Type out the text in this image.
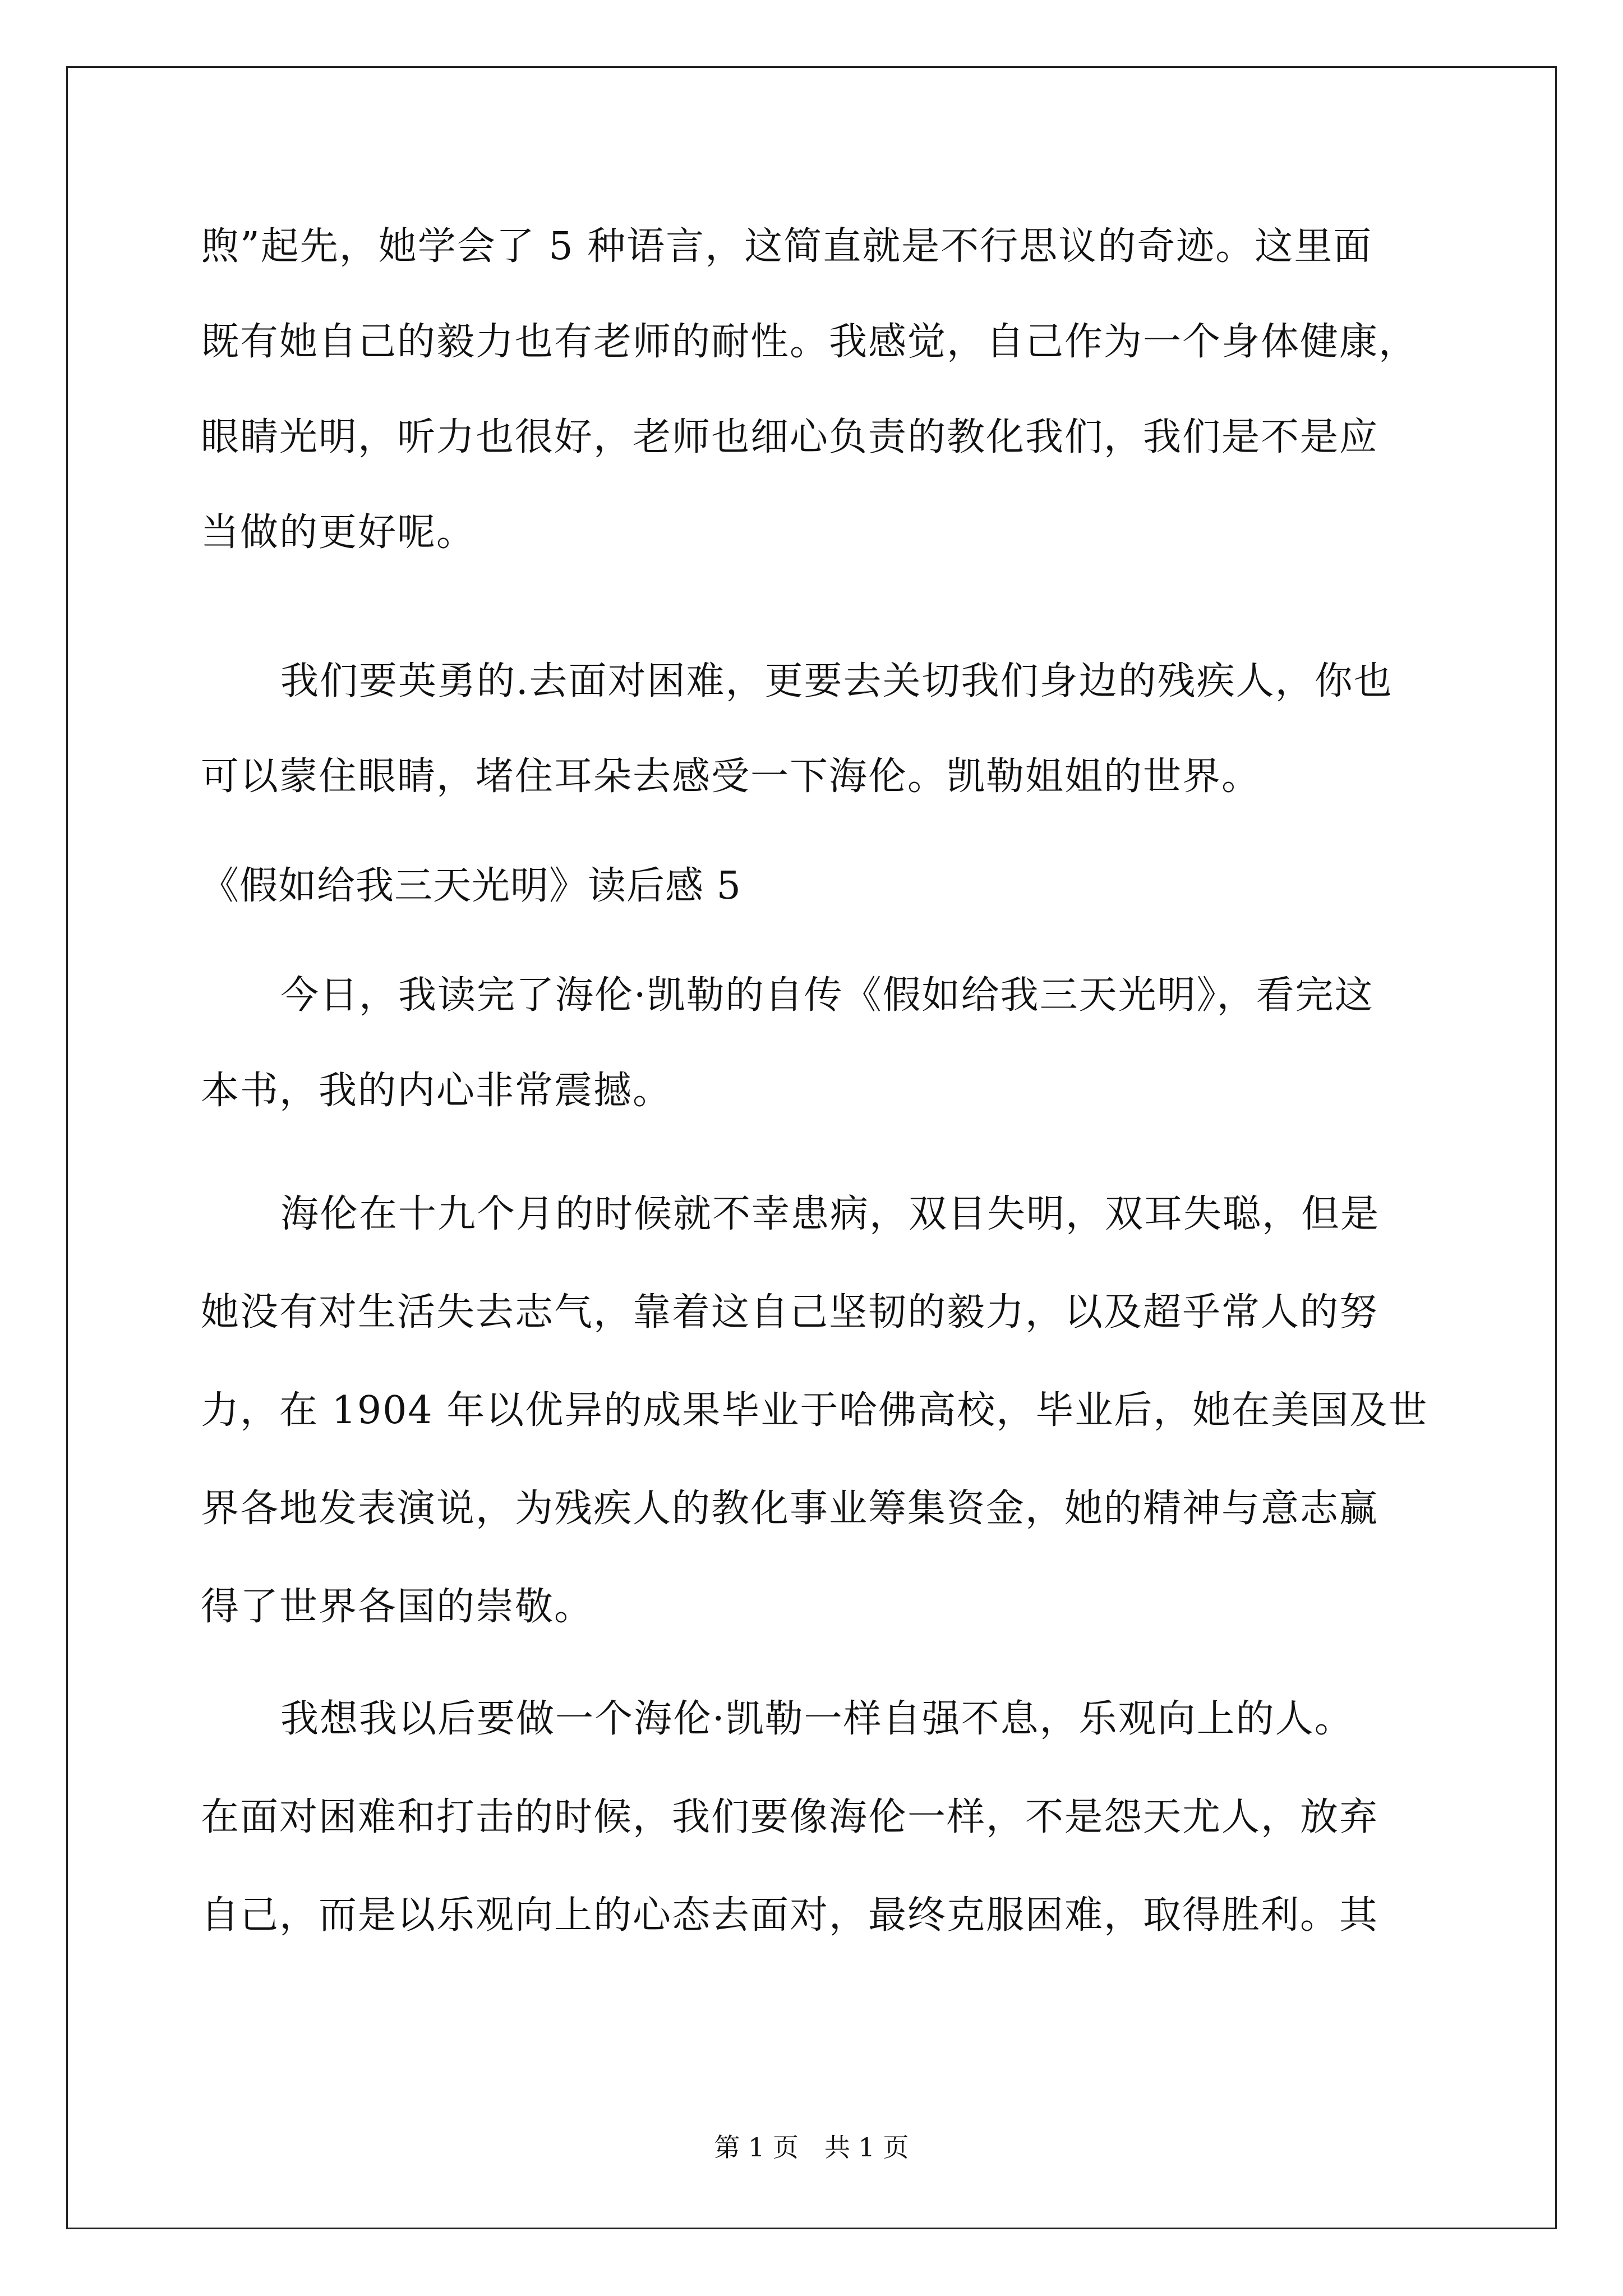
煦”起先，她学会了 5 种语言，这简直就是不行思议的奇迹。这里面
既有她自己的毅力也有老师的耐性。我感觉，自己作为一个身体健康，
眼睛光明，听力也很好，老师也细心负责的教化我们，我们是不是应
当做的更好呢。
我们要英勇的.去面对困难，更要去关切我们身边的残疾人，你也
可以蒙住眼睛，堵住耳朵去感受一下海伦。凯勒姐姐的世界。
《假如给我三天光明》读后感 5
今日，我读完了海伦·凯勒的自传《假如给我三天光明》，看完这
本书，我的内心非常震撼。
海伦在十九个月的时候就不幸患病，双目失明，双耳失聪，但是
她没有对生活失去志气，靠着这自己坚韧的毅力，以及超乎常人的努
力，在 1904 年以优异的成果毕业于哈佛高校，毕业后，她在美国及世
界各地发表演说，为残疾人的教化事业筹集资金，她的精神与意志赢
得了世界各国的崇敬。
我想我以后要做一个海伦·凯勒一样自强不息，乐观向上的人。
在面对困难和打击的时候，我们要像海伦一样，不是怨天尤人，放弃
自己，而是以乐观向上的心态去面对，最终克服困难，取得胜利。其
第 1 页　共 1 页
